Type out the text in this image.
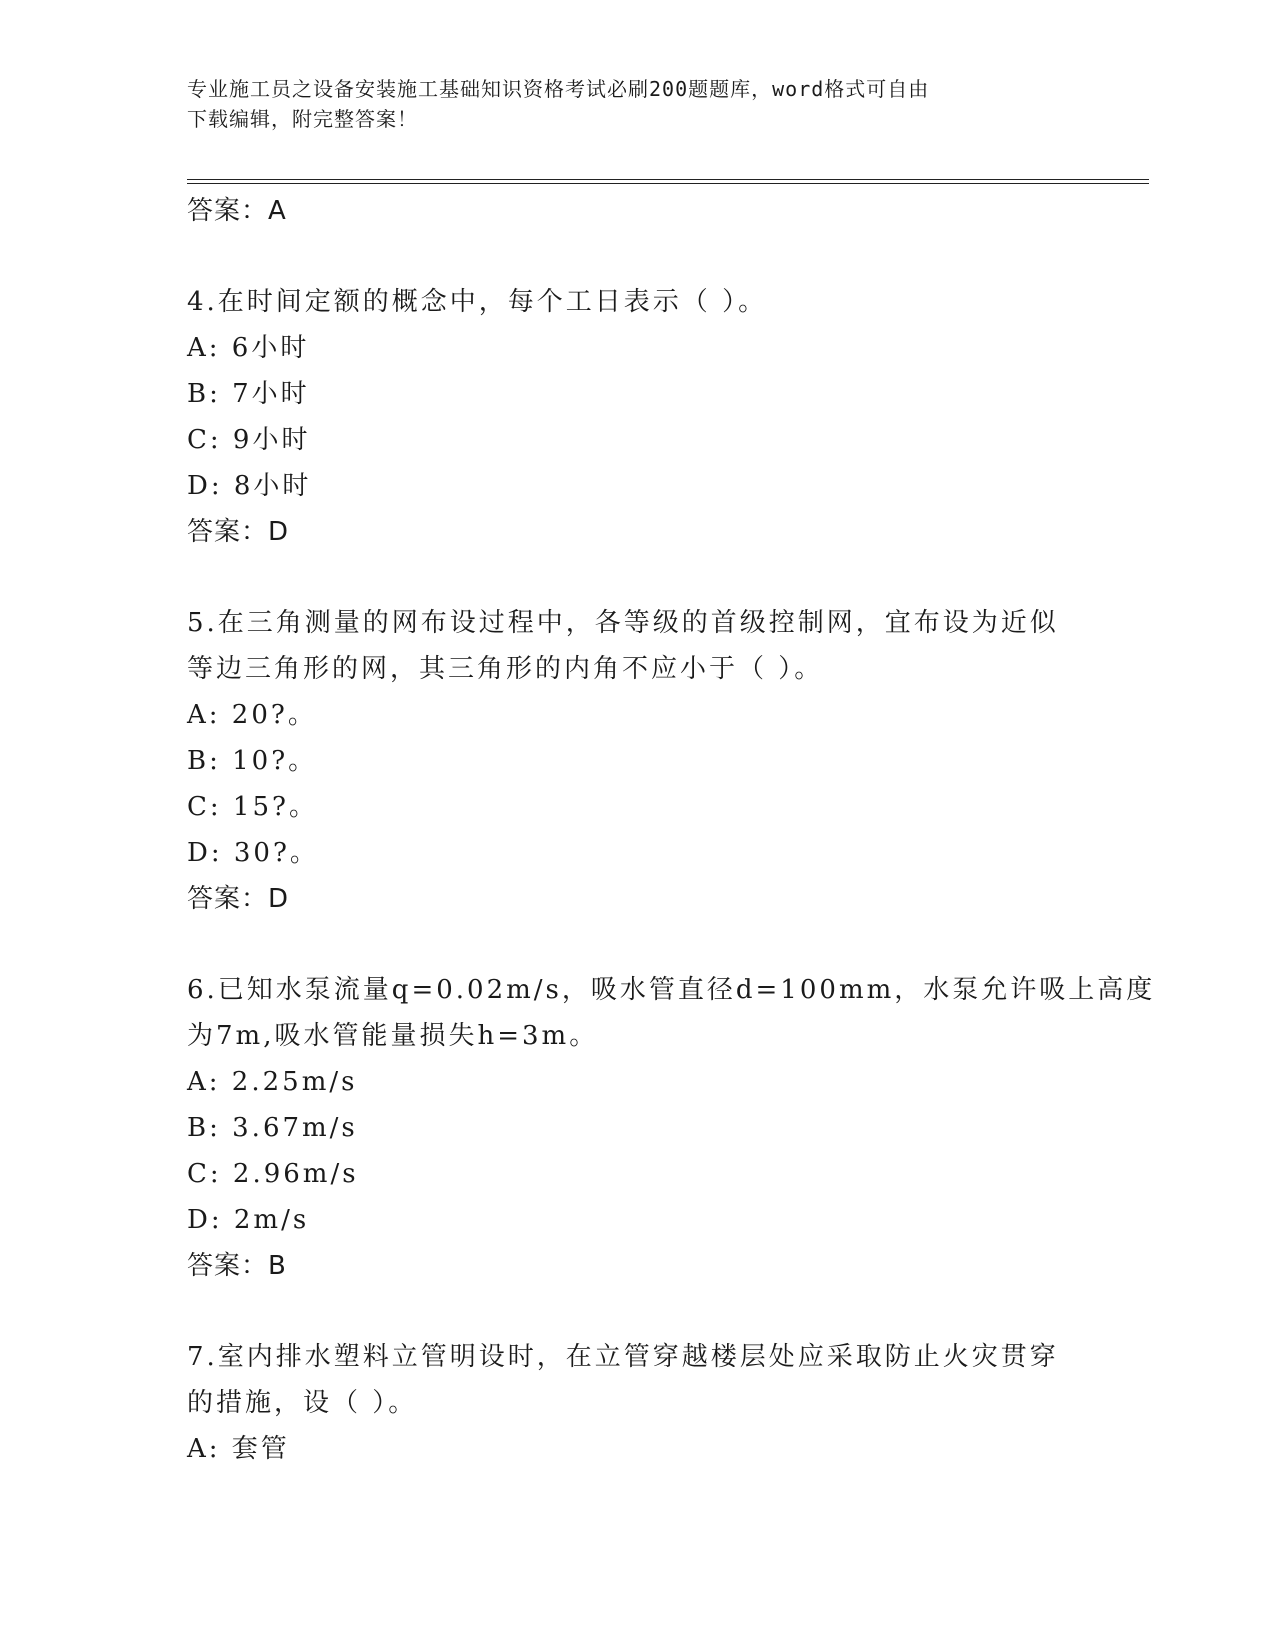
专业施工员之设备安装施工基础知识资格考试必刷200题题库，word格式可自由
下载编辑，附完整答案！
答案：A
4.在时间定额的概念中，每个工日表示（ ）。
A: 6小时
B: 7小时
C: 9小时
D: 8小时
答案：D
5.在三角测量的网布设过程中，各等级的首级控制网，宜布设为近似
等边三角形的网，其三角形的内角不应小于（ ）。
A: 20?。
B: 10?。
C: 15?。
D: 30?。
答案：D
6.已知水泵流量q=0.02m/s，吸水管直径d=100mm，水泵允许吸上高度
为7m,吸水管能量损失h=3m。
A: 2.25m/s
B: 3.67m/s
C: 2.96m/s
D: 2m/s
答案：B
7.室内排水塑料立管明设时，在立管穿越楼层处应采取防止火灾贯穿
的措施，设（ ）。
A: 套管
